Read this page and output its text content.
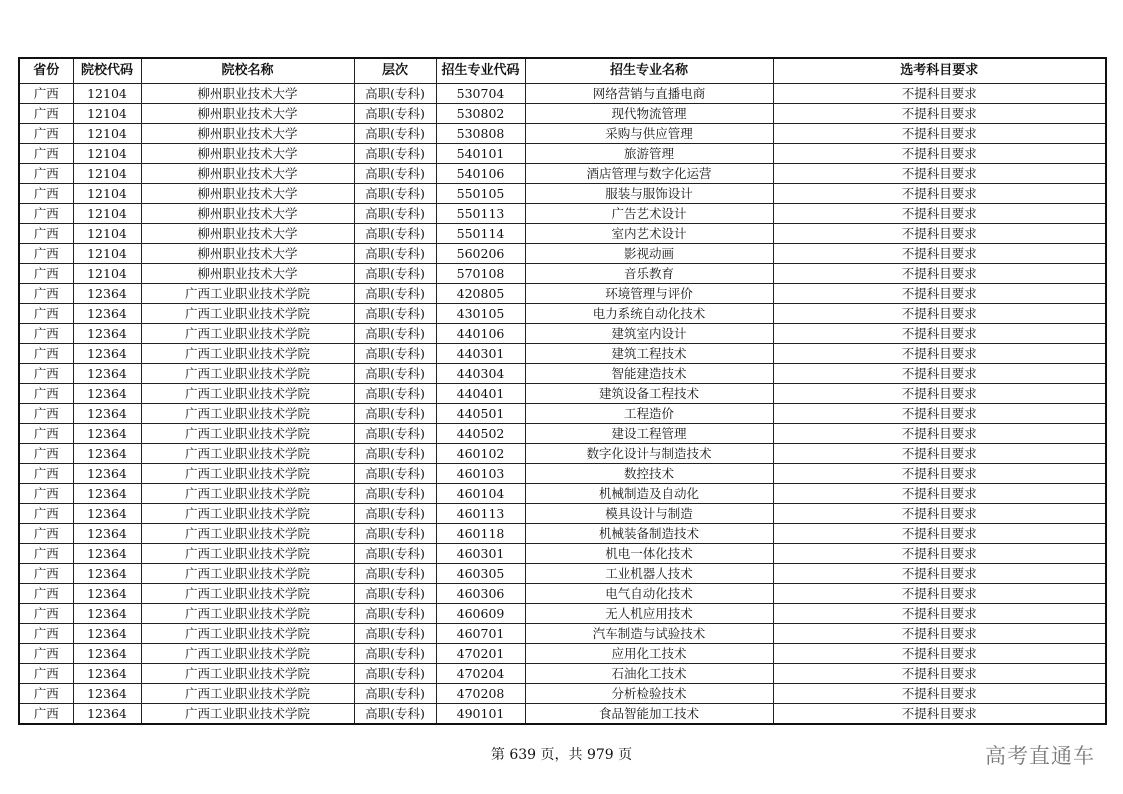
省份	院校代码	院校名称	层次	招生专业代码	招生专业名称	选考科目要求
广西	12104	柳州职业技术大学	高职(专科)	530704	网络营销与直播电商	不提科目要求
广西	12104	柳州职业技术大学	高职(专科)	530802	现代物流管理	不提科目要求
广西	12104	柳州职业技术大学	高职(专科)	530808	采购与供应管理	不提科目要求
广西	12104	柳州职业技术大学	高职(专科)	540101	旅游管理	不提科目要求
广西	12104	柳州职业技术大学	高职(专科)	540106	酒店管理与数字化运营	不提科目要求
广西	12104	柳州职业技术大学	高职(专科)	550105	服装与服饰设计	不提科目要求
广西	12104	柳州职业技术大学	高职(专科)	550113	广告艺术设计	不提科目要求
广西	12104	柳州职业技术大学	高职(专科)	550114	室内艺术设计	不提科目要求
广西	12104	柳州职业技术大学	高职(专科)	560206	影视动画	不提科目要求
广西	12104	柳州职业技术大学	高职(专科)	570108	音乐教育	不提科目要求
广西	12364	广西工业职业技术学院	高职(专科)	420805	环境管理与评价	不提科目要求
广西	12364	广西工业职业技术学院	高职(专科)	430105	电力系统自动化技术	不提科目要求
广西	12364	广西工业职业技术学院	高职(专科)	440106	建筑室内设计	不提科目要求
广西	12364	广西工业职业技术学院	高职(专科)	440301	建筑工程技术	不提科目要求
广西	12364	广西工业职业技术学院	高职(专科)	440304	智能建造技术	不提科目要求
广西	12364	广西工业职业技术学院	高职(专科)	440401	建筑设备工程技术	不提科目要求
广西	12364	广西工业职业技术学院	高职(专科)	440501	工程造价	不提科目要求
广西	12364	广西工业职业技术学院	高职(专科)	440502	建设工程管理	不提科目要求
广西	12364	广西工业职业技术学院	高职(专科)	460102	数字化设计与制造技术	不提科目要求
广西	12364	广西工业职业技术学院	高职(专科)	460103	数控技术	不提科目要求
广西	12364	广西工业职业技术学院	高职(专科)	460104	机械制造及自动化	不提科目要求
广西	12364	广西工业职业技术学院	高职(专科)	460113	模具设计与制造	不提科目要求
广西	12364	广西工业职业技术学院	高职(专科)	460118	机械装备制造技术	不提科目要求
广西	12364	广西工业职业技术学院	高职(专科)	460301	机电一体化技术	不提科目要求
广西	12364	广西工业职业技术学院	高职(专科)	460305	工业机器人技术	不提科目要求
广西	12364	广西工业职业技术学院	高职(专科)	460306	电气自动化技术	不提科目要求
广西	12364	广西工业职业技术学院	高职(专科)	460609	无人机应用技术	不提科目要求
广西	12364	广西工业职业技术学院	高职(专科)	460701	汽车制造与试验技术	不提科目要求
广西	12364	广西工业职业技术学院	高职(专科)	470201	应用化工技术	不提科目要求
广西	12364	广西工业职业技术学院	高职(专科)	470204	石油化工技术	不提科目要求
广西	12364	广西工业职业技术学院	高职(专科)	470208	分析检验技术	不提科目要求
广西	12364	广西工业职业技术学院	高职(专科)	490101	食品智能加工技术	不提科目要求
第 639 页，共 979 页	高考直通车
